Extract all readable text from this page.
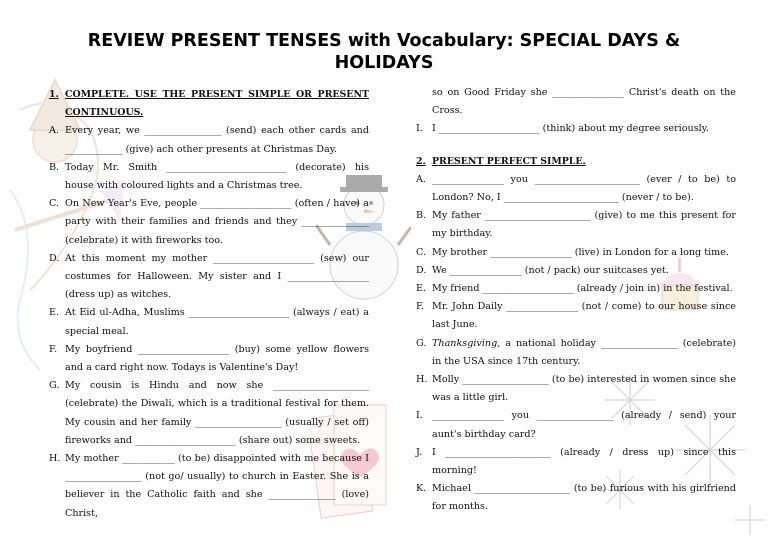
REVIEW PRESENT TENSES with Vocabulary: SPECIAL DAYS & HOLIDAYS
1. COMPLETE. USE THE PRESENT SIMPLE OR PRESENT CONTINUOUS.
A. Every year, we ________________ (send) each other cards and ____________ (give) ach other presents at Christmas Day.
B. Today Mr. Smith _________________________ (decorate) his house with coloured lights and a Christmas tree.
C. On New Year's Eve, people ___________________ (often / have) a party with their families and friends and they ______________ (celebrate) it with fireworks too.
D. At this moment my mother _____________________ (sew) our costumes for Halloween. My sister and I _________________ (dress up) as witches.
E. At Eid ul-Adha, Muslims _____________________ (always / eat) a special meal.
F. My boyfriend ___________________ (buy) some yellow flowers and a card right now. Todays is Valentine's Day!
G. My cousin is Hindu and now she ____________________ (celebrate) the Diwali, which is a traditional festival for them. My cousin and her family __________________ (usually / set off) fireworks and _____________________ (share out) some sweets.
H. My mother ___________ (to be) disappointed with me because I ________________ (not go/ usually) to church in Easter. She is a believer in the Catholic faith and she ______________ (love) Christ,
so on Good Friday she _______________ Christ's death on the Cross.
I. I _____________________ (think) about my degree seriously.
2. PRESENT PERFECT SIMPLE.
A. _______________ you ______________________ (ever / to be) to London? No, I ________________________ (never / to be).
B. My father ______________________ (give) to me this present for my birthday.
C. My brother _________________ (live) in London for a long time.
D. We _______________ (not / pack) our suitcases yet.
E. My friend ___________________ (already / join in) in the festival.
F. Mr. John Daily _______________ (not / come) to our house since last June.
G. Thanksgiving, a national holiday ________________ (celebrate) in the USA since 17th century.
H. Molly __________________ (to be) interested in women since she was a little girl.
I. _______________ you ________________ (already / send) your aunt's birthday card?
J.	I ______________________ (already / dress up) since this morning!
K. Michael ____________________ (to be) furious with his girlfriend for months.
